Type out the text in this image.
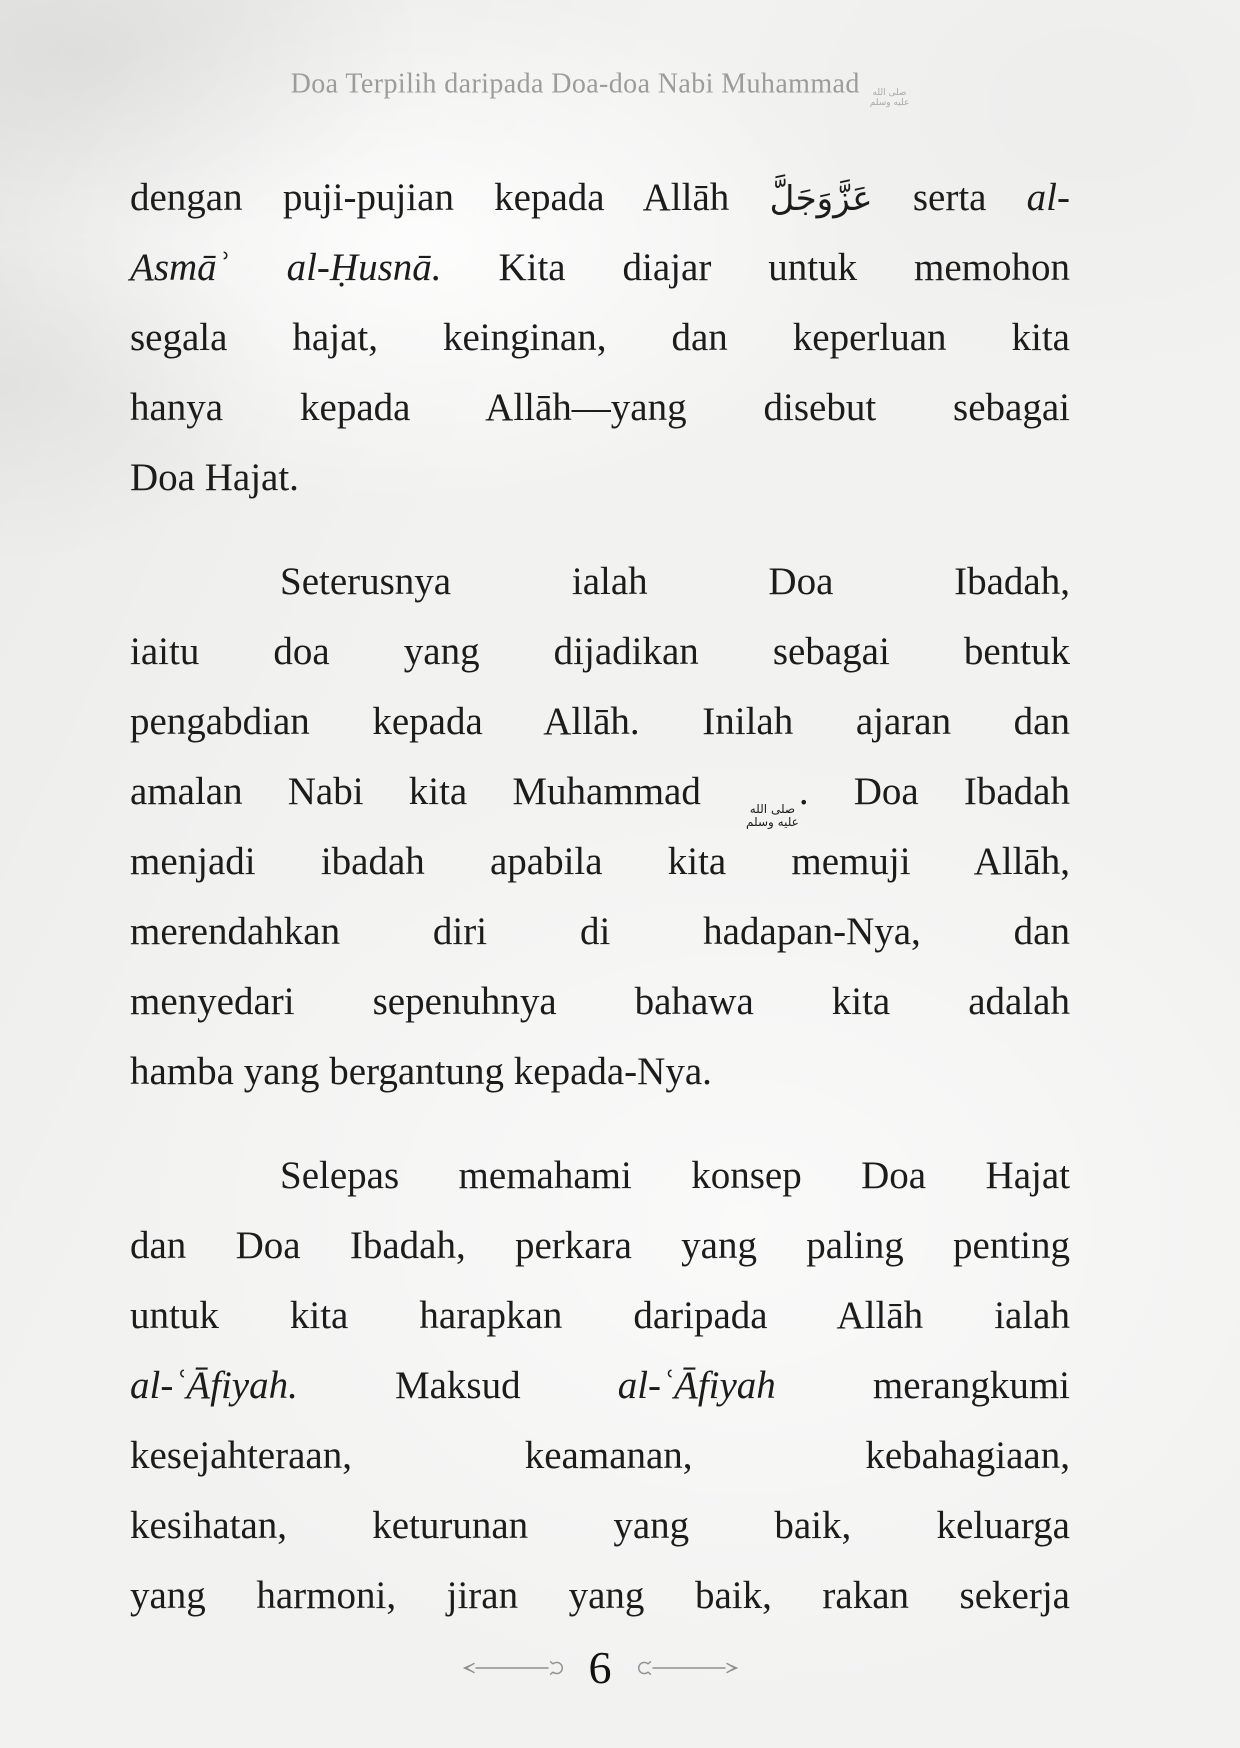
Doa Terpilih daripada Doa-doa Nabi Muhammad صلى الله
عليه وسلم
dengan puji-pujian kepada Allāh عَزَّوَجَلَّ serta al-
Asmāʾ al-Ḥusnā. Kita diajar untuk memohon
segala hajat, keinginan, dan keperluan kita
hanya kepada Allāh—yang disebut sebagai
Doa Hajat.
Seterusnya ialah Doa Ibadah,
iaitu doa yang dijadikan sebagai bentuk
pengabdian kepada Allāh. Inilah ajaran dan
amalan Nabi kita Muhammad صلى الله
عليه وسلم
. Doa Ibadah
menjadi ibadah apabila kita memuji Allāh,
merendahkan diri di hadapan-Nya, dan
menyedari sepenuhnya bahawa kita adalah
hamba yang bergantung kepada-Nya.
Selepas memahami konsep Doa Hajat
dan Doa Ibadah, perkara yang paling penting
untuk kita harapkan daripada Allāh ialah
al-ʿĀfiyah. Maksud al-ʿĀfiyah merangkumi
kesejahteraan, keamanan, kebahagiaan,
kesihatan, keturunan yang baik, keluarga
yang harmoni, jiran yang baik, rakan sekerja
6
